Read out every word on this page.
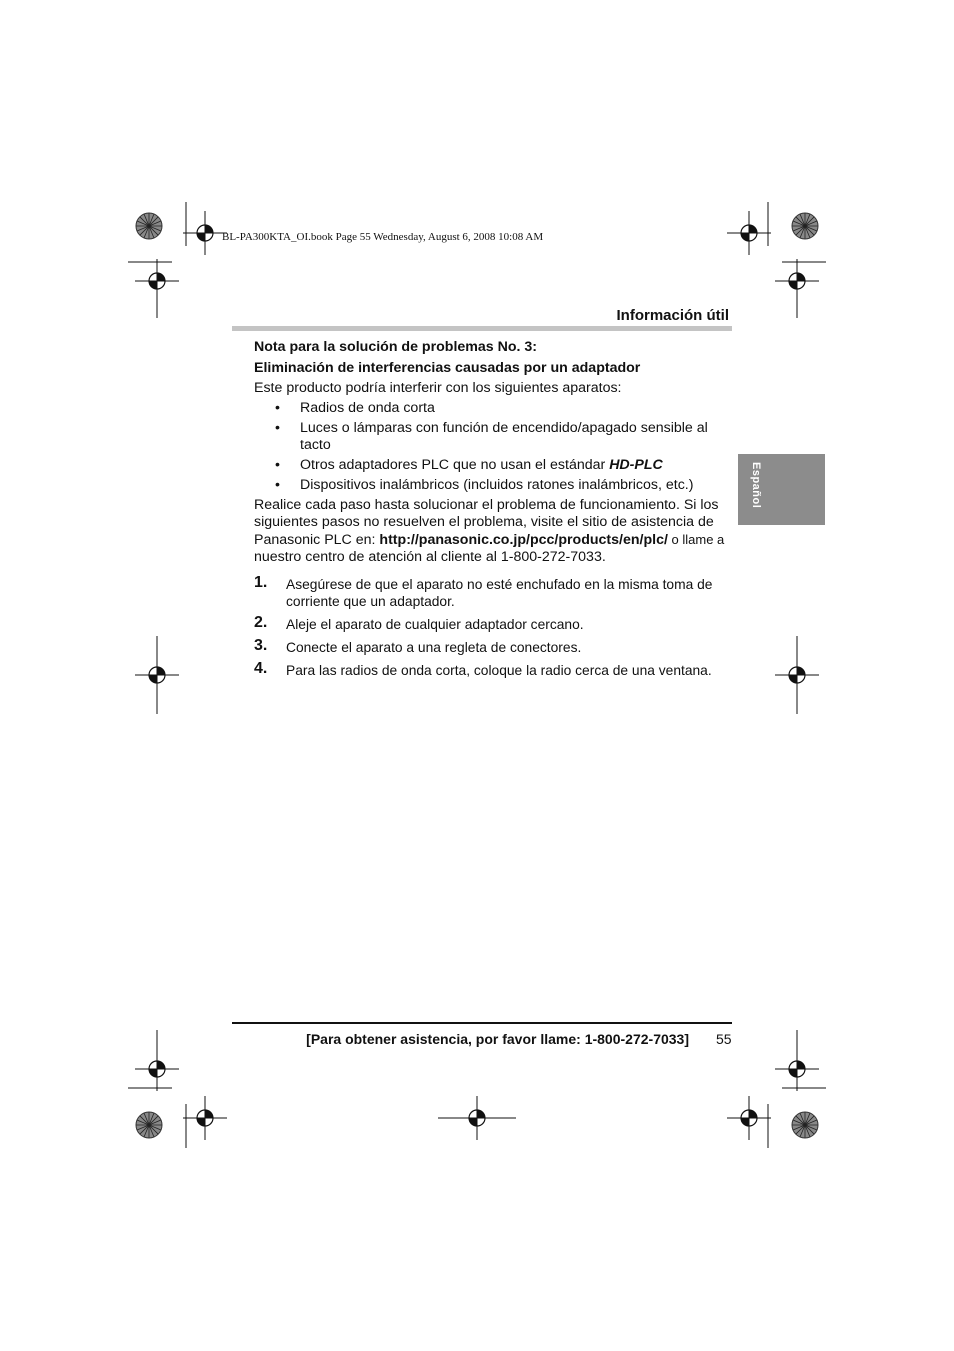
BL-PA300KTA_OI.book Page 55 Wednesday, August 6, 2008 10:08 AM
Información útil
Español

Nota para la solución de problemas No. 3:

Eliminación de interferencias causadas por un adaptador

Este producto podría interferir con los siguientes aparatos:

• Radios de onda corta
• Luces o lámparas con función de encendido/apagado sensible al tacto
• Otros adaptadores PLC que no usan el estándar HD-PLC
• Dispositivos inalámbricos (incluidos ratones inalámbricos, etc.)

Realice cada paso hasta solucionar el problema de funcionamiento. Si los siguientes pasos no resuelven el problema, visite el sitio de asistencia de Panasonic PLC en: http://panasonic.co.jp/pcc/products/en/plc/ o llame a
nuestro centro de atención al cliente al 1-800-272-7033.

1. Asegúrese de que el aparato no esté enchufado en la misma toma de corriente que un adaptador.
2. Aleje el aparato de cualquier adaptador cercano.
3. Conecte el aparato a una regleta de conectores.
4. Para las radios de onda corta, coloque la radio cerca de una ventana.
[Para obtener asistencia, por favor llame: 1-800-272-7033] 55
